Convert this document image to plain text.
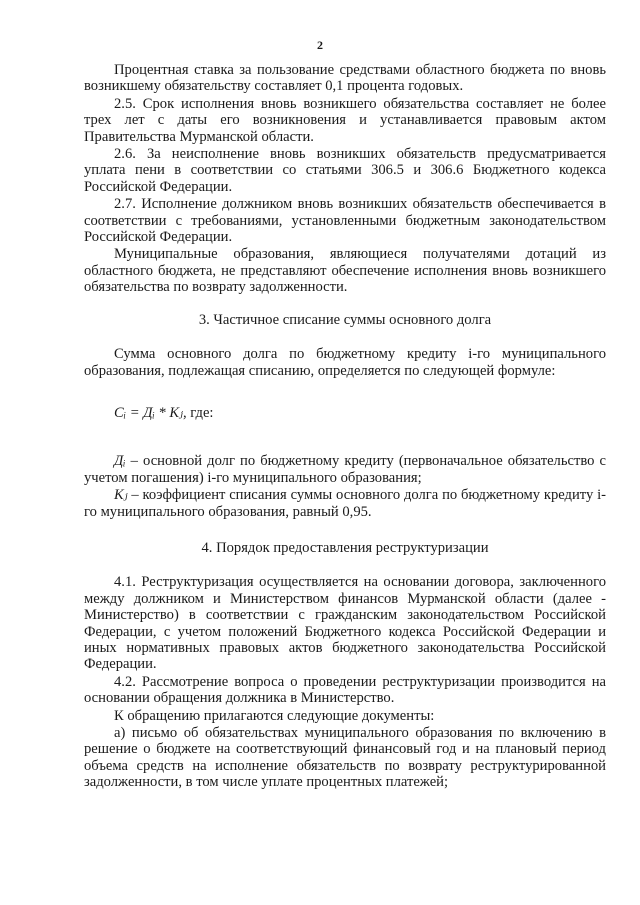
2

Процентная ставка за пользование средствами областного бюджета по вновь возникшему обязательству составляет 0,1 процента годовых.

2.5. Срок исполнения вновь возникшего обязательства составляет не более трех лет с даты его возникновения и устанавливается правовым актом Правительства Мурманской области.

2.6. За неисполнение вновь возникших обязательств предусматривается уплата пени в соответствии со статьями 306.5 и 306.6 Бюджетного кодекса Российской Федерации.

2.7. Исполнение должником вновь возникших обязательств обеспечивается в соответствии с требованиями, установленными бюджетным законодательством Российской Федерации.

Муниципальные образования, являющиеся получателями дотаций из областного бюджета, не представляют обеспечение исполнения вновь возникшего обязательства по возврату задолженности.

3. Частичное списание суммы основного долга

Сумма основного долга по бюджетному кредиту i-го муниципального образования, подлежащая списанию, определяется по следующей формуле:

Сᵢ = Дᵢ * Kⱼ, где:

Дᵢ – основной долг по бюджетному кредиту (первоначальное обязательство с учетом погашения) i-го муниципального образования;

Kⱼ – коэффициент списания суммы основного долга по бюджетному кредиту i-го муниципального образования, равный 0,95.

4. Порядок предоставления реструктуризации

4.1. Реструктуризация осуществляется на основании договора, заключенного между должником и Министерством финансов Мурманской области (далее - Министерство) в соответствии с гражданским законодательством Российской Федерации, с учетом положений Бюджетного кодекса Российской Федерации и иных нормативных правовых актов бюджетного законодательства Российской Федерации.

4.2. Рассмотрение вопроса о проведении реструктуризации производится на основании обращения должника в Министерство.

К обращению прилагаются следующие документы:

а) письмо об обязательствах муниципального образования по включению в решение о бюджете на соответствующий финансовый год и на плановый период объема средств на исполнение обязательств по возврату реструктурированной задолженности, в том числе уплате процентных платежей;
